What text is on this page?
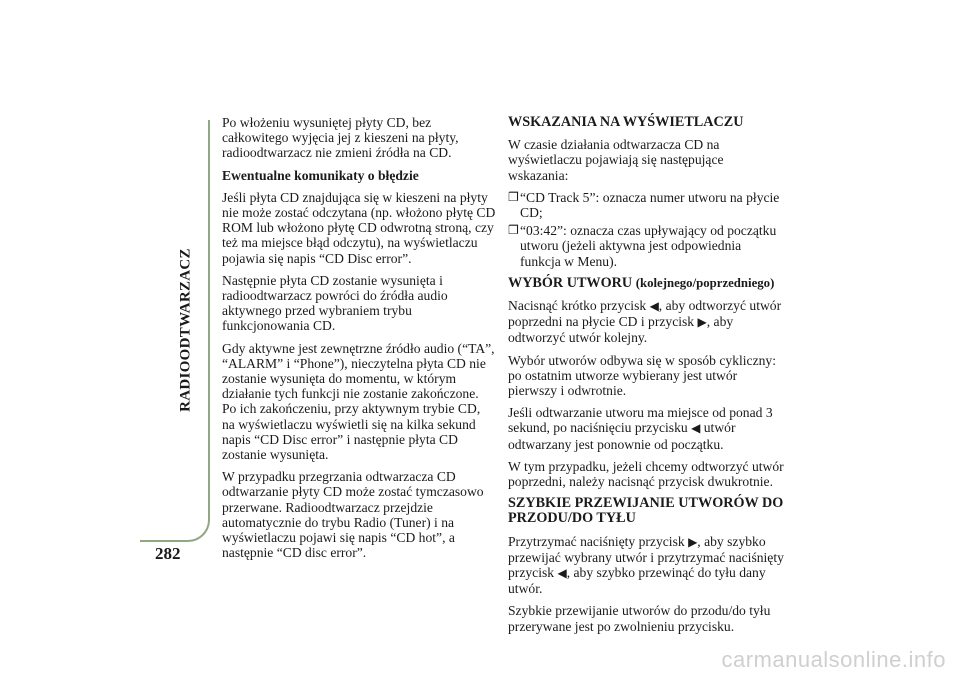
RADIOODTWARZACZ
282

Po włożeniu wysuniętej płyty CD, bez całkowitego wyjęcia jej z kieszeni na płyty, radioodtwarzacz nie zmieni źródła na CD.

Ewentualne komunikaty o błędzie

Jeśli płyta CD znajdująca się w kieszeni na płyty nie może zostać odczytana (np. włożono płytę CD ROM lub włożono płytę CD odwrotną stroną, czy też ma miejsce błąd odczytu), na wyświetlaczu pojawia się napis “CD Disc error”.

Następnie płyta CD zostanie wysunięta i radioodtwarzacz powróci do źródła audio aktywnego przed wybraniem trybu funkcjonowania CD.

Gdy aktywne jest zewnętrzne źródło audio (“TA”, “ALARM” i “Phone”), nieczytelna płyta CD nie zostanie wysunięta do momentu, w którym działanie tych funkcji nie zostanie zakończone. Po ich zakończeniu, przy aktywnym trybie CD, na wyświetlaczu wyświetli się na kilka sekund napis “CD Disc error” i następnie płyta CD zostanie wysunięta.

W przypadku przegrzania odtwarzacza CD odtwarzanie płyty CD może zostać tymczasowo przerwane. Radioodtwarzacz przejdzie automatycznie do trybu Radio (Tuner) i na wyświetlaczu pojawi się napis “CD hot”, a następnie “CD disc error”.

WSKAZANIA NA WYŚWIETLACZU

W czasie działania odtwarzacza CD na wyświetlaczu pojawiają się następujące wskazania:

❒ “CD Track 5”: oznacza numer utworu na płycie CD;
❒ “03:42”: oznacza czas upływający od początku utworu (jeżeli aktywna jest odpowiednia funkcja w Menu).
WYBÓR UTWORU (kolejnego/poprzedniego)

Nacisnąć krótko przycisk ◀, aby odtworzyć utwór poprzedni na płycie CD i przycisk ▶, aby odtworzyć utwór kolejny.

Wybór utworów odbywa się w sposób cykliczny: po ostatnim utworze wybierany jest utwór pierwszy i odwrotnie.

Jeśli odtwarzanie utworu ma miejsce od ponad 3 sekund, po naciśnięciu przycisku ◀ utwór odtwarzany jest ponownie od początku.

W tym przypadku, jeżeli chcemy odtworzyć utwór poprzedni, należy nacisnąć przycisk dwukrotnie.

SZYBKIE PRZEWIJANIE UTWORÓW DO PRZODU/DO TYŁU

Przytrzymać naciśnięty przycisk ▶, aby szybko przewijać wybrany utwór i przytrzymać naciśnięty przycisk ◀, aby szybko przewinąć do tyłu dany utwór.

Szybkie przewijanie utworów do przodu/do tyłu przerywane jest po zwolnieniu przycisku.

carmanualsonline.info
